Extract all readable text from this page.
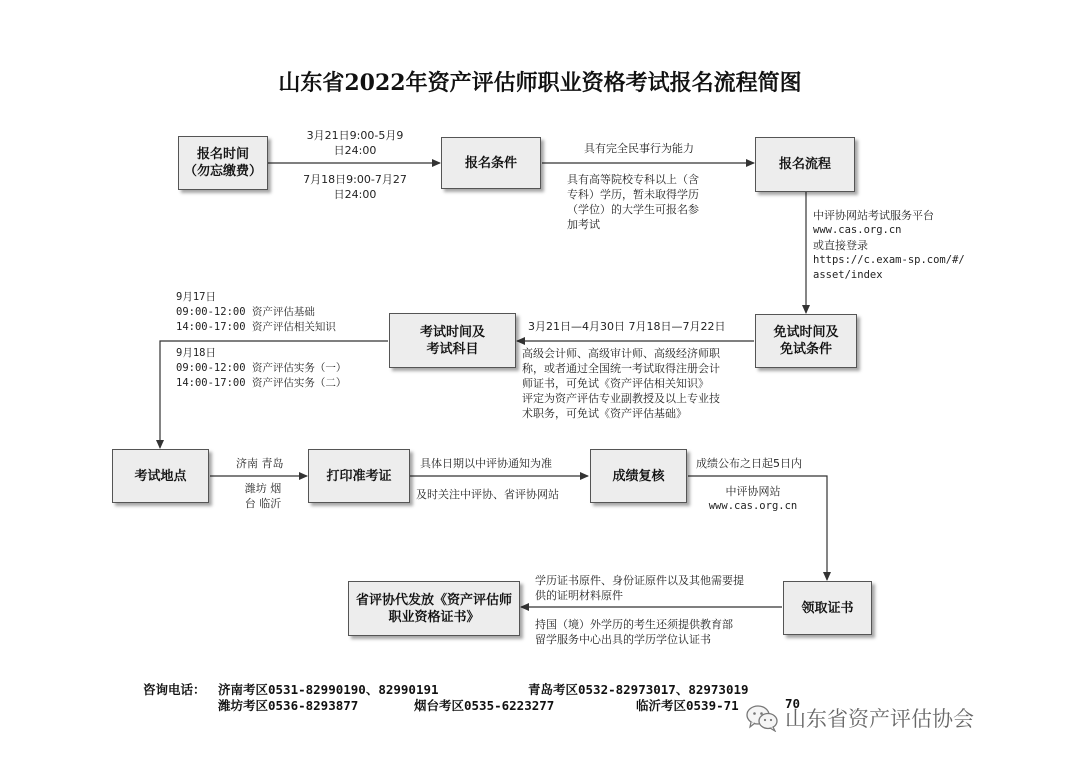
山东省2022年资产评估师职业资格考试报名流程简图
报名时间
（勿忘缴费）
报名条件	报名流程
考试时间及
考试科目
免试时间及
免试条件
考试地点	打印准考证	成绩复核
领取证书
省评协代发放《资产评估师
职业资格证书》
3月21日9:00-5月9
日24:00
7月18日9:00-7月27
日24:00
具有完全民事行为能力
具有高等院校专科以上（含
专科）学历，暂未取得学历
（学位）的大学生可报名参
加考试
中评协网站考试服务平台
www.cas.org.cn
或直接登录
https://c.exam-sp.com/#/
asset/index
9月17日
09:00-12:00 资产评估基础
14:00-17:00 资产评估相关知识
9月18日
09:00-12:00 资产评估实务（一）
14:00-17:00 资产评估实务（二）
3月21日—4月30日 7月18日—7月22日
高级会计师、高级审计师、高级经济师职
称，或者通过全国统一考试取得注册会计
师证书，可免试《资产评估相关知识》
评定为资产评估专业副教授及以上专业技
术职务，可免试《资产评估基础》
济南 青岛
潍坊 烟
台 临沂
具体日期以中评协通知为准
及时关注中评协、省评协网站
成绩公布之日起5日内
中评协网站
www.cas.org.cn
学历证书原件、身份证原件以及其他需要提
供的证明材料原件
持国（境）外学历的考生还须提供教育部
留学服务中心出具的学历学位认证书
咨询电话： 济南考区0531-82990190、82990191	青岛考区0532-82973017、82973019
潍坊考区0536-8293877	烟台考区0535-6223277	临沂考区0539-71	70
山东省资产评估协会
